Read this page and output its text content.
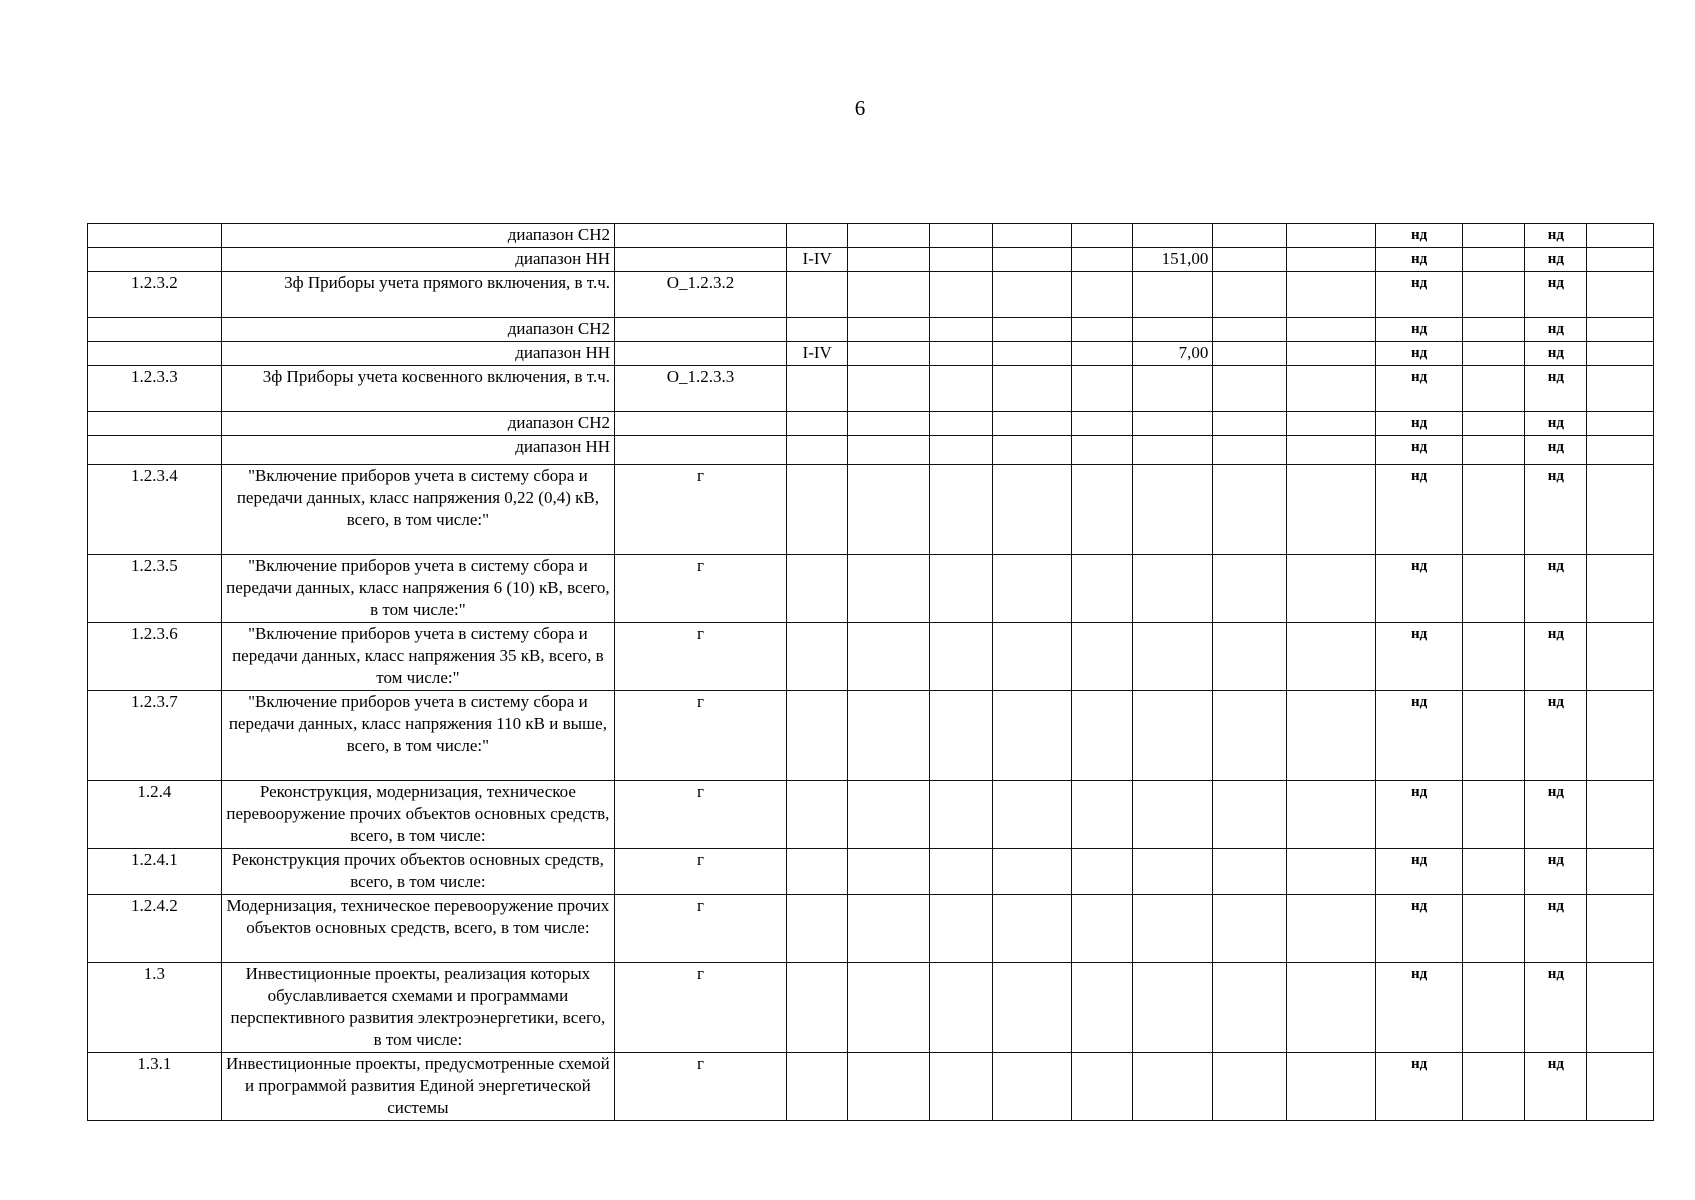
6
	диапазон СН2										нд		нд	
	диапазон НН		I-IV					151,00			нд		нд	
1.2.3.2	3ф Приборы учета прямого включения, в т.ч.	О_1.2.3.2									нд		нд	
	диапазон СН2										нд		нд	
	диапазон НН		I-IV					7,00			нд		нд	
1.2.3.3	3ф Приборы учета косвенного включения, в т.ч.	О_1.2.3.3									нд		нд	
	диапазон СН2										нд		нд	
	диапазон НН										нд		нд	
1.2.3.4	"Включение приборов учета в систему сбора и передачи данных, класс напряжения 0,22 (0,4) кВ, всего, в том числе:"	г									нд		нд	
1.2.3.5	"Включение приборов учета в систему сбора и передачи данных, класс напряжения 6 (10) кВ, всего, в том числе:"	г									нд		нд	
1.2.3.6	"Включение приборов учета в систему сбора и передачи данных, класс напряжения 35 кВ, всего, в том числе:"	г									нд		нд	
1.2.3.7	"Включение приборов учета в систему сбора и передачи данных, класс напряжения 110 кВ и выше, всего, в том числе:"	г									нд		нд	
1.2.4	Реконструкция, модернизация, техническое перевооружение прочих объектов основных средств, всего, в том числе:	г									нд		нд	
1.2.4.1	Реконструкция прочих объектов основных средств, всего, в том числе:	г									нд		нд	
1.2.4.2	Модернизация, техническое перевооружение прочих объектов основных средств, всего, в том числе:	г									нд		нд	
1.3	Инвестиционные проекты, реализация которых обуславливается схемами и программами перспективного развития электроэнергетики, всего, в том числе:	г									нд		нд	
1.3.1	Инвестиционные проекты, предусмотренные схемой и программой развития Единой энергетической системы	г									нд		нд	
